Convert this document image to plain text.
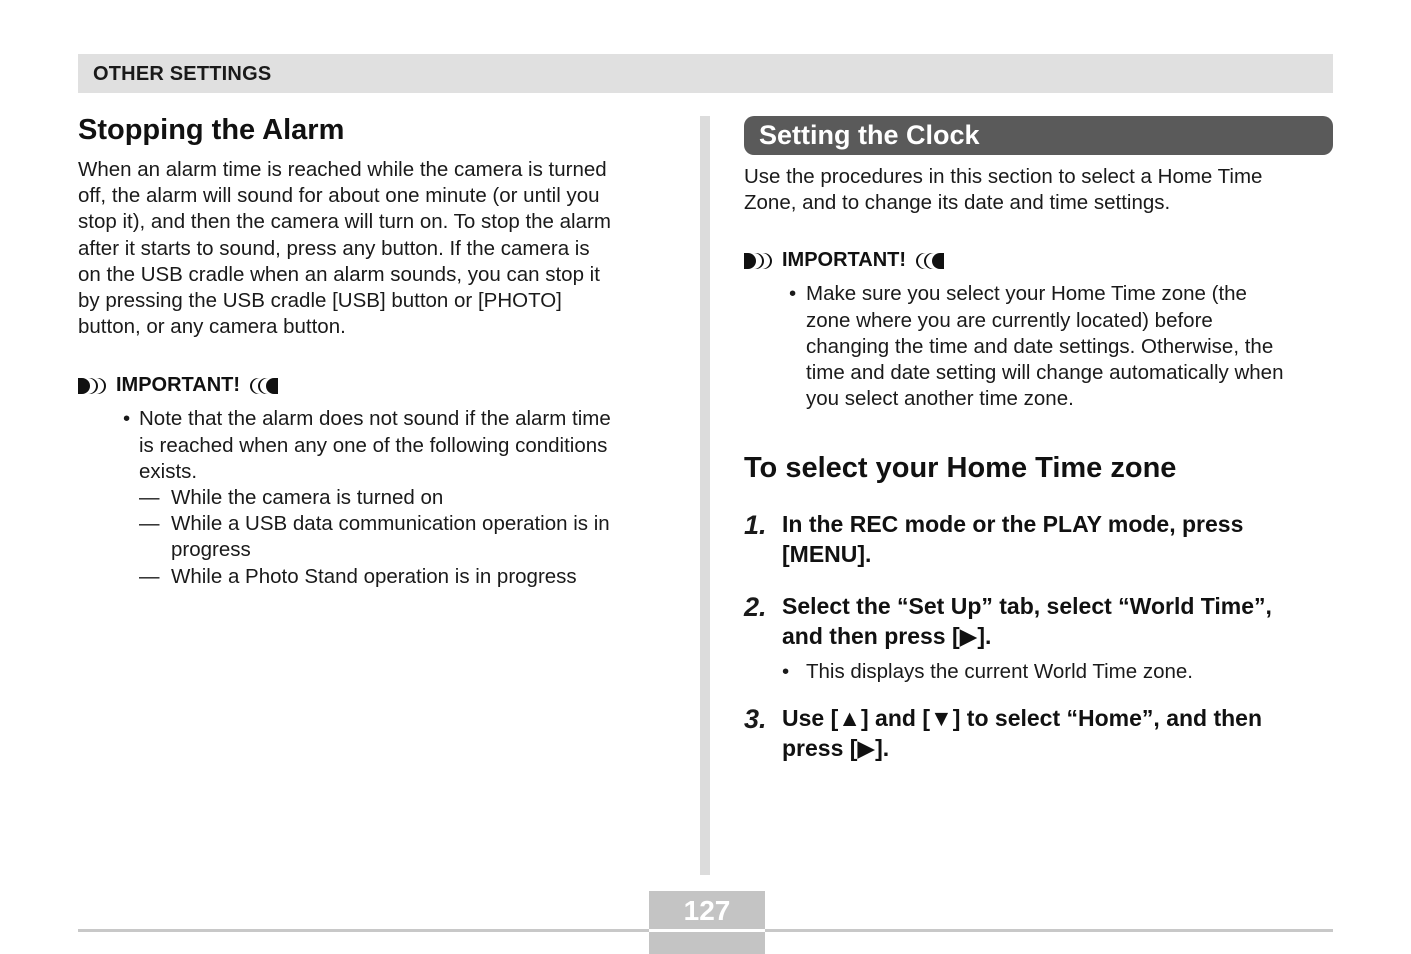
OTHER SETTINGS
Stopping the Alarm

When an alarm time is reached while the camera is turned
off, the alarm will sound for about one minute (or until you
stop it), and then the camera will turn on. To stop the alarm
after it starts to sound, press any button. If the camera is
on the USB cradle when an alarm sounds, you can stop it
by pressing the USB cradle [USB] button or [PHOTO]
button, or any camera button.

IMPORTANT!
• Note that the alarm does not sound if the alarm time
is reached when any one of the following conditions
exists.
— While the camera is turned on
— While a USB data communication operation is in
progress
— While a Photo Stand operation is in progress
Setting the Clock

Use the procedures in this section to select a Home Time
Zone, and to change its date and time settings.

IMPORTANT!
• Make sure you select your Home Time zone (the
zone where you are currently located) before
changing the time and date settings. Otherwise, the
time and date setting will change automatically when
you select another time zone.
To select your Home Time zone
1. In the REC mode or the PLAY mode, press
[MENU].
2. Select the “Set Up” tab, select “World Time”,
and then press [▶].
• This displays the current World Time zone.
3. Use [▲] and [▼] to select “Home”, and then
press [▶].
127
